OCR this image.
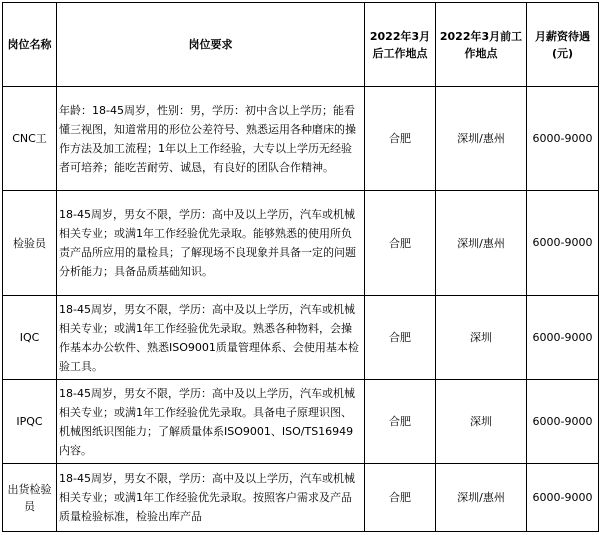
岗位名称	岗位要求	2022年3月后工作地点	2022年3月前工作地点	月薪资待遇(元)
CNC工	年龄：18-45周岁，性别：男，学历：初中含以上学历；能看懂三视图，知道常用的形位公差符号、熟悉运用各种磨床的操作方法及加工流程；1年以上工作经验，大专以上学历无经验者可培养；能吃苦耐劳、诚恳，有良好的团队合作精神。	合肥	深圳/惠州	6000-9000
检验员	18-45周岁，男女不限，学历：高中及以上学历，汽车或机械相关专业；或满1年工作经验优先录取。能够熟悉的使用所负责产品所应用的量检具；了解现场不良现象并具备一定的问题分析能力；具备品质基础知识。	合肥	深圳/惠州	6000-9000
IQC	18-45周岁，男女不限，学历：高中及以上学历，汽车或机械相关专业；或满1年工作经验优先录取。熟悉各种物料，会操作基本办公软件、熟悉ISO9001质量管理体系、会使用基本检验工具。	合肥	深圳	6000-9000
IPQC	18-45周岁，男女不限，学历：高中及以上学历，汽车或机械相关专业；或满1年工作经验优先录取。具备电子原理识图、机械图纸识图能力；了解质量体系ISO9001、ISO/TS16949内容。	合肥	深圳	6000-9000
出货检验员	18-45周岁，男女不限，学历：高中及以上学历，汽车或机械相关专业；或满1年工作经验优先录取。按照客户需求及产品质量检验标准，检验出库产品	合肥	深圳/惠州	6000-9000
